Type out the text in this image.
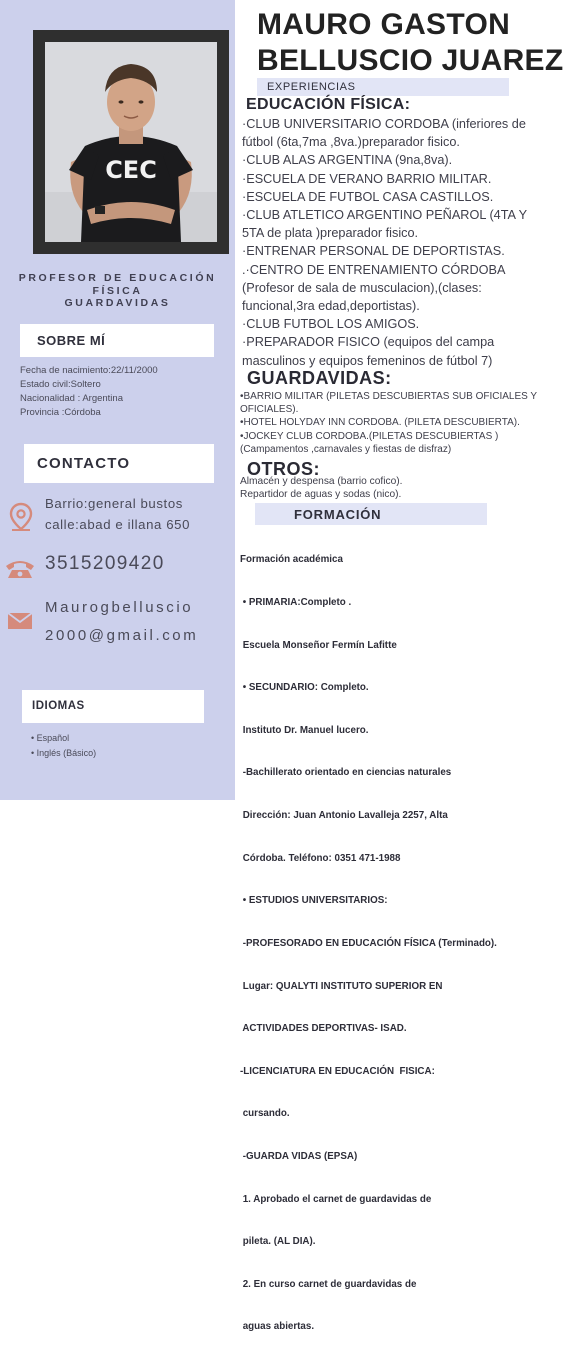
CEC
PROFESOR DE EDUCACIÓN
FÍSICA
GUARDAVIDAS
SOBRE MÍ
Fecha de nacimiento:22/11/2000
Estado civil:Soltero
Nacionalidad : Argentina
Provincia :Córdoba
CONTACTO
Barrio:general bustos
calle:abad e illana 650
3515209420
Maurogbelluscio
2000@gmail.com
IDIOMAS
• Español
• Inglés (Básico)
MAURO GASTON
BELLUSCIO JUAREZ
EXPERIENCIAS
EDUCACIÓN FÍSICA:
·CLUB UNIVERSITARIO CORDOBA (inferiores de
fútbol (6ta,7ma ,8va.)preparador fisico.
·CLUB ALAS ARGENTINA (9na,8va).
·ESCUELA DE VERANO BARRIO MILITAR.
·ESCUELA DE FUTBOL CASA CASTILLOS.
·CLUB ATLETICO ARGENTINO PEÑAROL (4TA Y
5TA de plata )preparador fisico.
·ENTRENAR PERSONAL DE DEPORTISTAS.
.·CENTRO DE ENTRENAMIENTO CÓRDOBA
(Profesor de sala de musculacion),(clases:
funcional,3ra edad,deportistas).
·CLUB FUTBOL LOS AMIGOS.
·PREPARADOR FISICO (equipos del campa
masculinos y equipos femeninos de fútbol 7)
GUARDAVIDAS:
•BARRIO MILITAR (PILETAS DESCUBIERTAS SUB OFICIALES Y
OFICIALES).
•HOTEL HOLYDAY INN CORDOBA. (PILETA DESCUBIERTA).
•JOCKEY CLUB CORDOBA.(PILETAS DESCUBIERTAS )
(Campamentos ,carnavales y fiestas de disfraz)
OTROS:
Almacén y despensa (barrio cofico).
Repartidor de aguas y sodas (nico).
FORMACIÓN

Formación académica

• PRIMARIA:Completo .

Escuela Monseñor Fermín Lafitte

• SECUNDARIO: Completo.

Instituto Dr. Manuel lucero.

-Bachillerato orientado en ciencias naturales

Dirección: Juan Antonio Lavalleja 2257, Alta

Córdoba. Teléfono: 0351 471-1988

• ESTUDIOS UNIVERSITARIOS:

-PROFESORADO EN EDUCACIÓN FÍSICA (Terminado).

Lugar: QUALYTI INSTITUTO SUPERIOR EN

ACTIVIDADES DEPORTIVAS- ISAD.

-LICENCIATURA EN EDUCACIÓN  FISICA:

cursando.

-GUARDA VIDAS (EPSA)

1. Aprobado el carnet de guardavidas de

pileta. (AL DIA).

2. En curso carnet de guardavidas de

aguas abiertas.
